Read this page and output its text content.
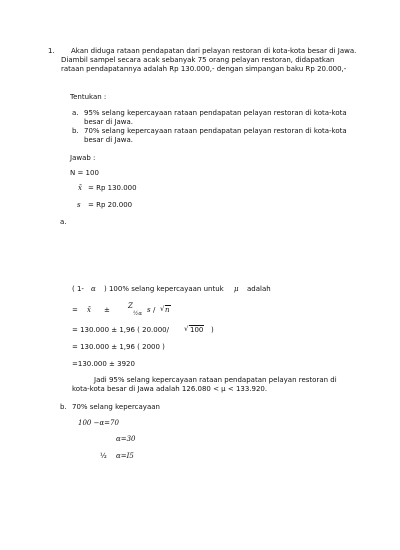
1.	Akan diduga rataan pendapatan dari pelayan restoran di kota-kota besar di Jawa. Diambil sampel secara acak sebanyak 75 orang pelayan restoran, didapatkan rataan pendapatannya adalah Rp 130.000,- dengan simpangan baku Rp 20.000,-
Tentukan :
a. 95% selang kepercayaan rataan pendapatan pelayan restoran di kota-kota besar di Jawa.
b. 70% selang kepercayaan rataan pendapatan pelayan restoran di kota-kota besar di Jawa.
Jawab :
N = 100
x̄ = Rp 130.000
s = Rp 20.000
a.
( 1- α ) 100% selang kepercayaan untuk μ adalah
= x̄ ±	Z
½α s / √ n
= 130.000 ± 1,96 ( 20.000/ √ 100 )
= 130.000 ± 1,96 ( 2000 )
=130.000 ± 3920
Jadi 95% selang kepercayaan rataan pendapatan pelayan restoran di kota-kota besar di Jawa adalah 126.080 < μ < 133.920.
b. 70% selang kepercayaan
100 −α=70
α=30
½ α=I5
